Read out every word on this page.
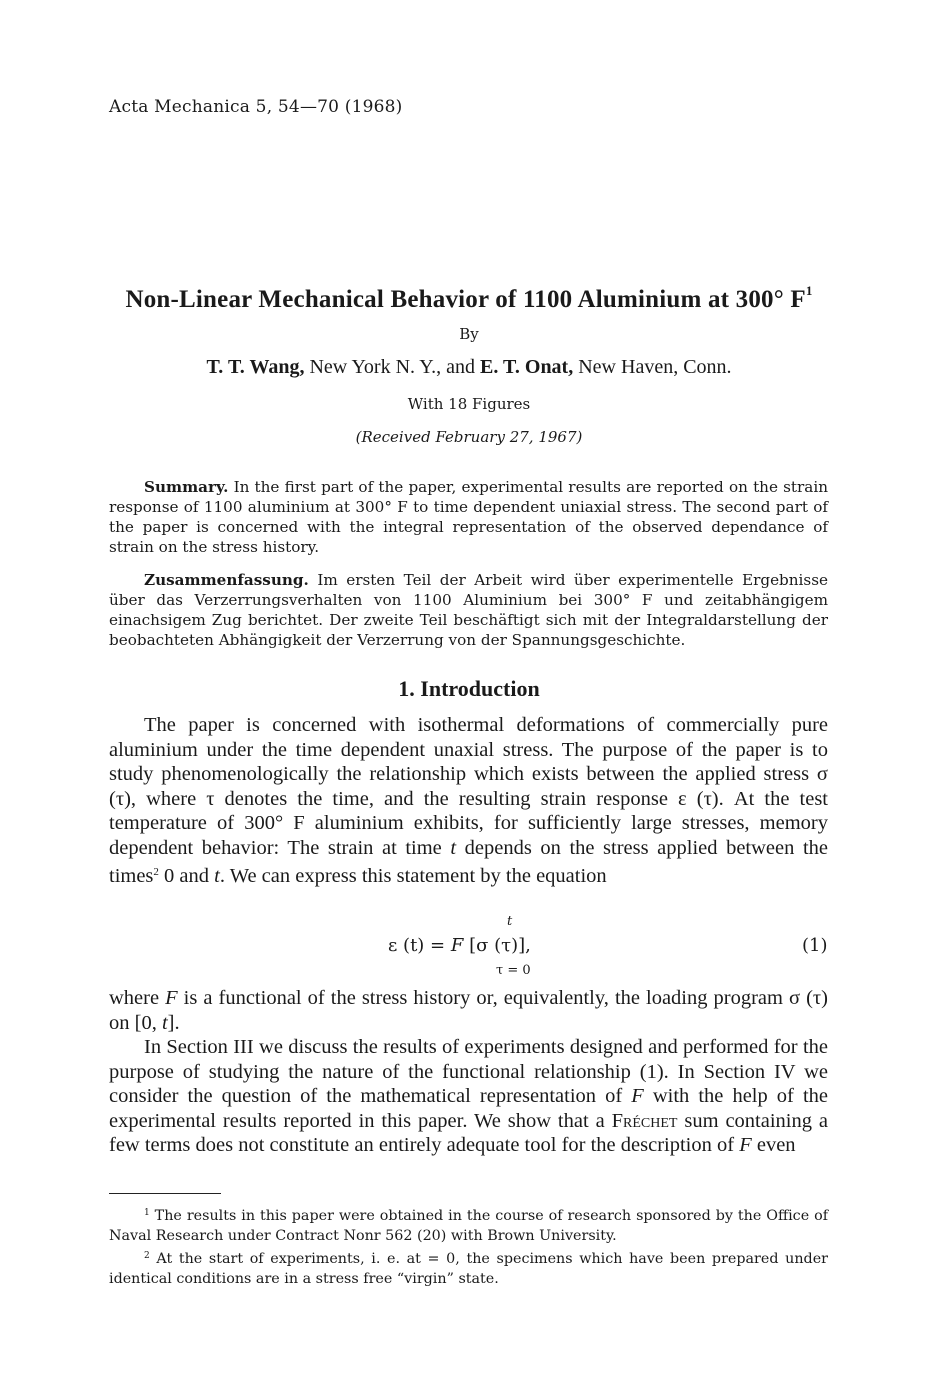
Acta Mechanica 5, 54—70 (1968)
Non-Linear Mechanical Behavior of 1100 Aluminium at 300° $F^1$
By
T. T. Wang, New York N. Y., and E. T. Onat, New Haven, Conn.
With 18 Figures
(Received February 27, 1967)
Summary. In the first part of the paper, experimental results are reported on the strain response of 1100 aluminium at 300° F to time dependent uniaxial stress. The second part of the paper is concerned with the integral representation of the observed dependance of strain on the stress history.
Zusammenfassung. Im ersten Teil der Arbeit wird über experimentelle Ergebnisse über das Verzerrungsverhalten von 1100 Aluminium bei 300° F und zeitabhängigem einachsigem Zug berichtet. Der zweite Teil beschäftigt sich mit der Integraldarstellung der beobachteten Abhängigkeit der Verzerrung von der Spannungsgeschichte.
1. Introduction
The paper is concerned with isothermal deformations of commercially pure aluminium under the time dependent unaxial stress. The purpose of the paper is to study phenomenologically the relationship which exists between the applied stress σ (τ), where τ denotes the time, and the resulting strain response ε (τ). At the test temperature of 300° F aluminium exhibits, for sufficiently large stresses, memory dependent behavior: The strain at time t depends on the stress applied between the times$^2$ 0 and t. We can express this statement by the equation
t
ε (t) = F [σ (τ)],
τ = 0
(1)
where F is a functional of the stress history or, equivalently, the loading program σ (τ) on [0, t].
In Section III we discuss the results of experiments designed and performed for the purpose of studying the nature of the functional relationship (1). In Section IV we consider the question of the mathematical representation of F with the help of the experimental results reported in this paper. We show that a Fréchet sum containing a few terms does not constitute an entirely adequate tool for the description of F even
$^1$ The results in this paper were obtained in the course of research sponsored by the Office of Naval Research under Contract Nonr 562 (20) with Brown University.
$^2$ At the start of experiments, i. e. at = 0, the specimens which have been prepared under identical conditions are in a stress free “virgin” state.
